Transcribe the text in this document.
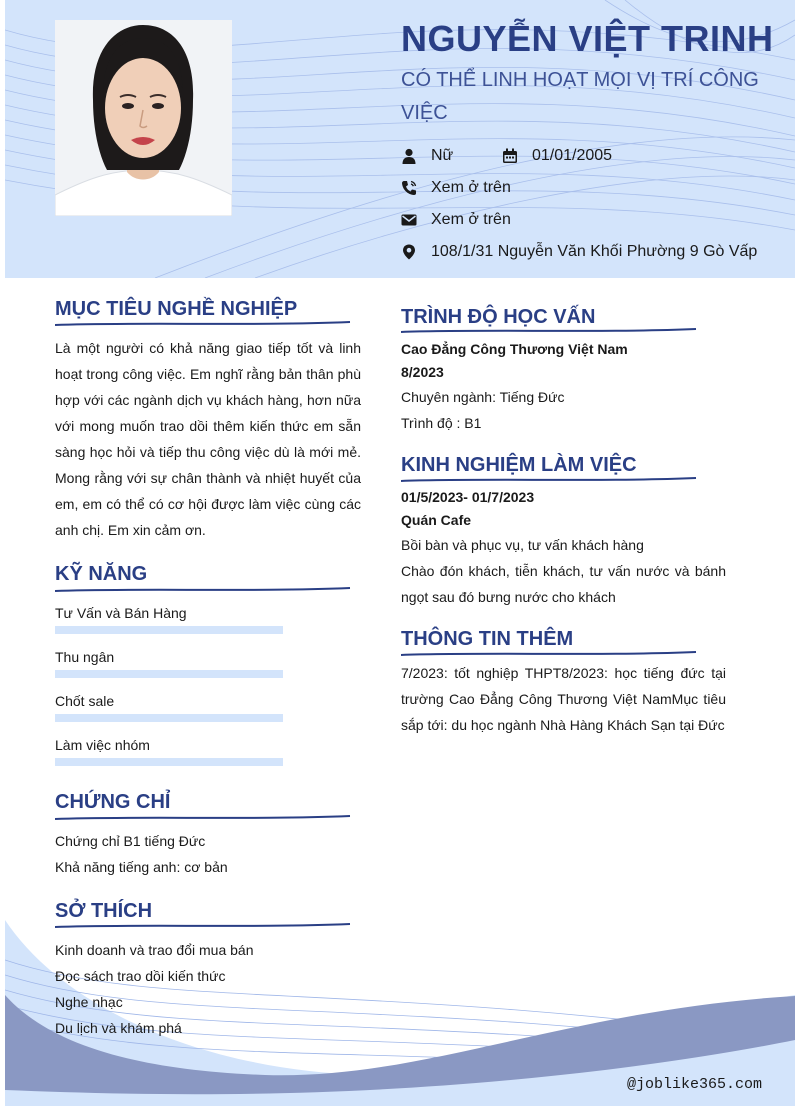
NGUYỄN VIỆT TRINH
CÓ THỂ LINH HOẠT MỌI VỊ TRÍ CÔNG VIỆC
Nữ	01/01/2005
Xem ở trên
Xem ở trên
108/1/31 Nguyễn Văn Khối Phường 9 Gò Vấp
MỤC TIÊU NGHỀ NGHIỆP
Là một người có khả năng giao tiếp tốt và linh hoạt trong công việc. Em nghĩ rằng bản thân phù hợp với các ngành dịch vụ khách hàng, hơn nữa với mong muốn trao dồi thêm kiến thức em sẵn sàng học hỏi và tiếp thu công việc dù là mới mẻ. Mong rằng với sự chân thành và nhiệt huyết của em, em có thể có cơ hội được làm việc cùng các anh chị. Em xin cảm ơn.
KỸ NĂNG
Tư Vấn và Bán Hàng
Thu ngân
Chốt sale
Làm việc nhóm
CHỨNG CHỈ
Chứng chỉ B1 tiếng Đức
Khả năng tiếng anh: cơ bản
SỞ THÍCH
Kinh doanh và trao đổi mua bán
Đọc sách trao dồi kiến thức
Nghe nhạc
Du lịch và khám phá
TRÌNH ĐỘ HỌC VẤN
Cao Đẳng Công Thương Việt Nam
8/2023
Chuyên ngành: Tiếng Đức
Trình độ : B1
KINH NGHIỆM LÀM VIỆC
01/5/2023- 01/7/2023
Quán Cafe
Bồi bàn và phục vụ, tư vấn khách hàng
Chào đón khách, tiễn khách, tư vấn nước và bánh ngọt sau đó bưng nước cho khách
THÔNG TIN THÊM
7/2023: tốt nghiệp THPT8/2023: học tiếng đức tại trường Cao Đẳng Công Thương Việt NamMục tiêu sắp tới: du học ngành Nhà Hàng Khách Sạn tại Đức
@joblike365.com
